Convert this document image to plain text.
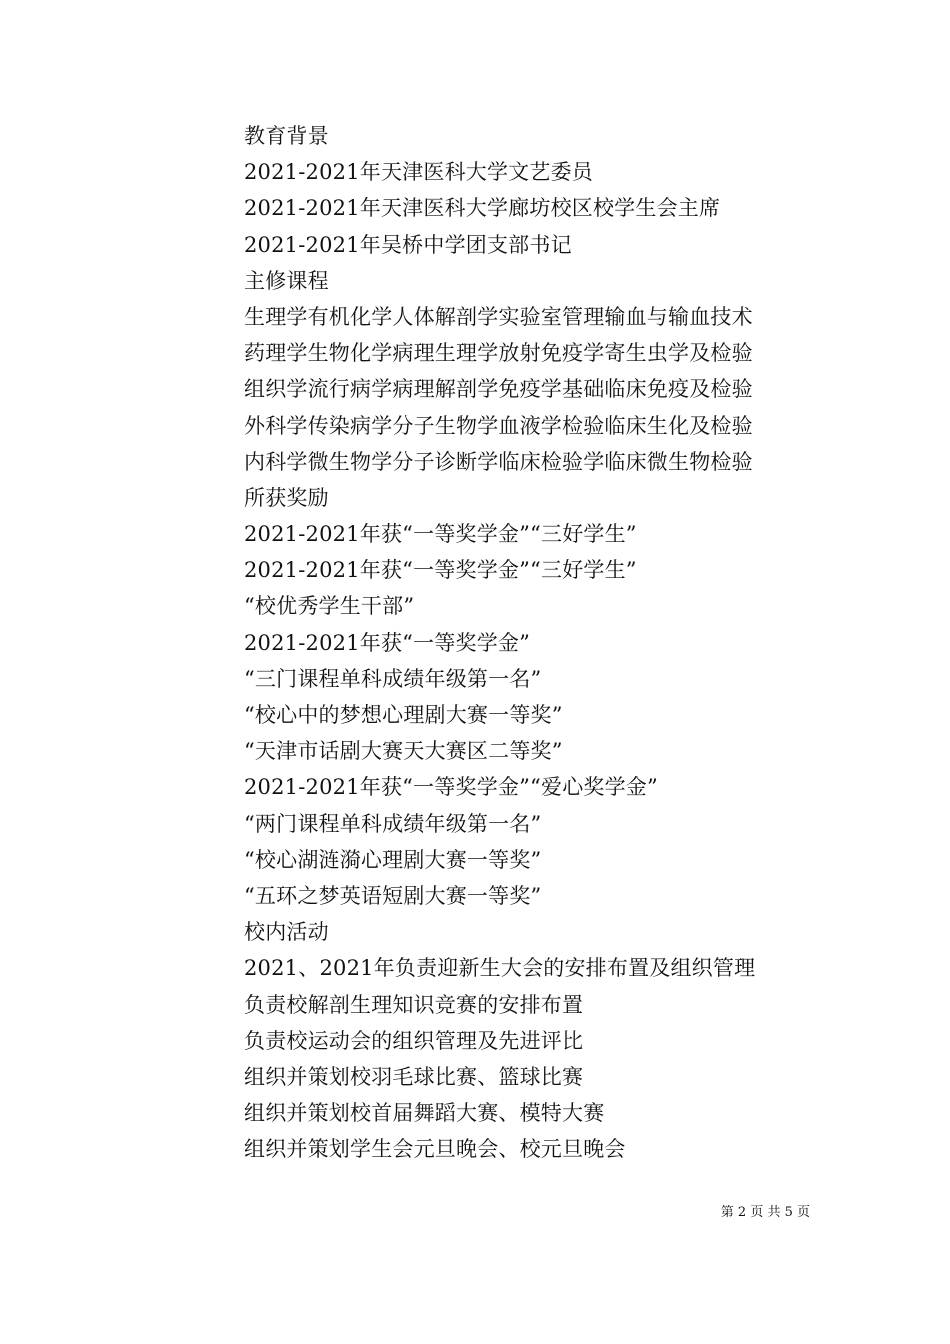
教育背景
2021-2021年天津医科大学文艺委员
2021-2021年天津医科大学廊坊校区校学生会主席
2021-2021年吴桥中学团支部书记
主修课程
生理学有机化学人体解剖学实验室管理输血与输血技术
药理学生物化学病理生理学放射免疫学寄生虫学及检验
组织学流行病学病理解剖学免疫学基础临床免疫及检验
外科学传染病学分子生物学血液学检验临床生化及检验
内科学微生物学分子诊断学临床检验学临床微生物检验
所获奖励
2021-2021年获“一等奖学金”“三好学生”
2021-2021年获“一等奖学金”“三好学生”
“校优秀学生干部”
2021-2021年获“一等奖学金”
“三门课程单科成绩年级第一名”
“校心中的梦想心理剧大赛一等奖”
“天津市话剧大赛天大赛区二等奖”
2021-2021年获“一等奖学金”“爱心奖学金”
“两门课程单科成绩年级第一名”
“校心湖涟漪心理剧大赛一等奖”
“五环之梦英语短剧大赛一等奖”
校内活动
2021、2021年负责迎新生大会的安排布置及组织管理
负责校解剖生理知识竞赛的安排布置
负责校运动会的组织管理及先进评比
组织并策划校羽毛球比赛、篮球比赛
组织并策划校首届舞蹈大赛、模特大赛
组织并策划学生会元旦晚会、校元旦晚会
第 2 页 共 5 页
